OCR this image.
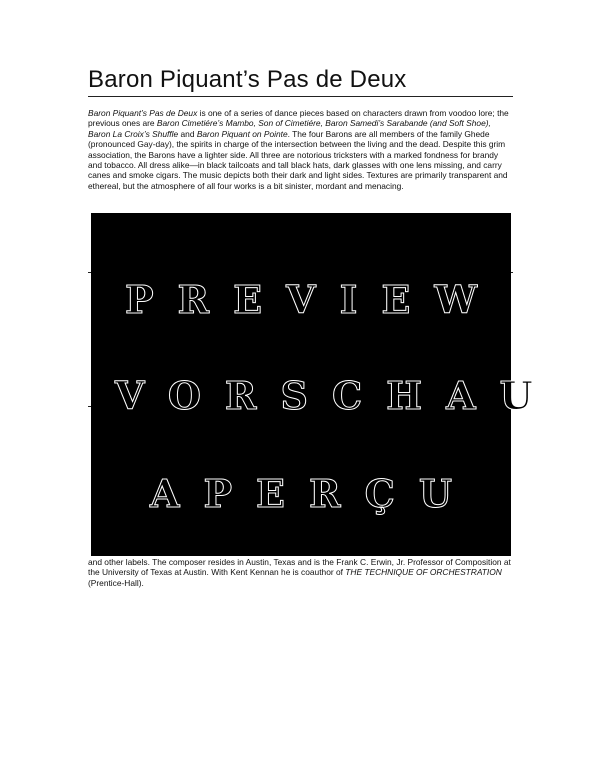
Baron Piquant’s Pas de Deux

Baron Piquant’s Pas de Deux is one of a series of dance pieces based on characters drawn from voodoo lore; the previous ones are Baron Cimetiére’s Mambo, Son of Cimetiére, Baron Samedi’s Sarabande (and Soft Shoe), Baron La Croix’s Shuffle and Baron Piquant on Pointe. The four Barons are all members of the family Ghede (pronounced Gay-day), the spirits in charge of the intersection between the living and the dead. Despite this grim association, the Barons have a lighter side. All three are notorious tricksters with a marked fondness for brandy and tobacco. All dress alike—in black tailcoats and tall black hats, dark glasses with one lens missing, and carry canes and smoke cigars. The music depicts both their dark and light sides. Textures are primarily transparent and ethereal, but the atmosphere of all four works is a bit sinister, mordant and menacing.

and other labels. The composer resides in Austin, Texas and is the Frank C. Erwin, Jr. Professor of Composition at the University of Texas at Austin. With Kent Kennan he is coauthor of THE TECHNIQUE OF ORCHESTRATION (Prentice-Hall).

PREVIEW
VORSCHAU
APERÇU
